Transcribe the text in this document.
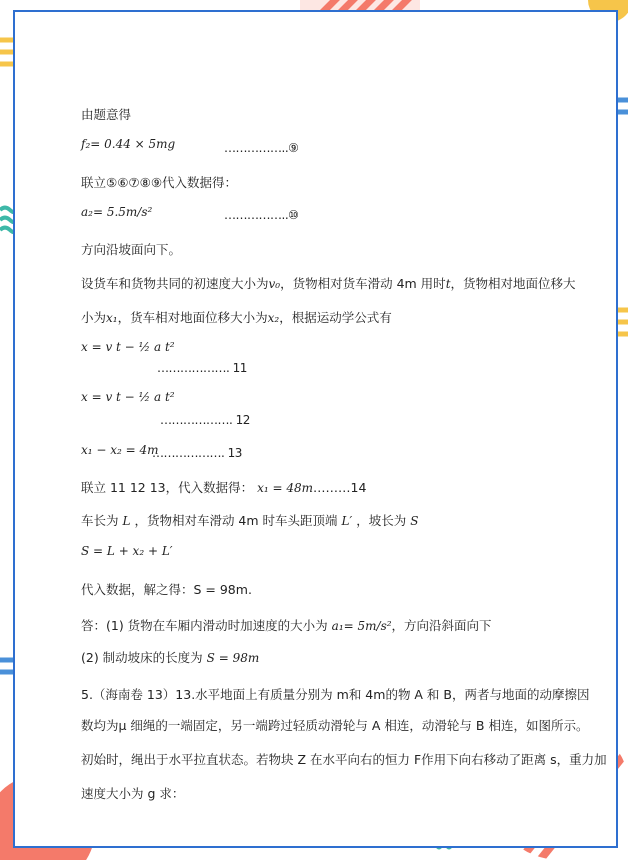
由题意得
f₂= 0.44 × 5mg	……………..⑨
联立⑤⑥⑦⑧⑨代入数据得：
a₂= 5.5m/s²	……………..⑩
方向沿坡面向下。
设货车和货物共同的初速度大小为v₀，货物相对货车滑动 4m 用时t，货物相对地面位移大
小为x₁，货车相对地面位移大小为x₂，根据运动学公式有
x = v t − ½ a t²
………………. 11
x = v t − ½ a t²
………………. 12
x₁ − x₂ = 4m
………………. 13
联立 11 12 13，代入数据得： x₁ = 48m………14
车长为 L ，货物相对车滑动 4m 时车头距顶端 L′ ，坡长为 S
S = L + x₂ + L′
代入数据，解之得：S = 98m.
答：(1) 货物在车厢内滑动时加速度的大小为 a₁= 5m/s²，方向沿斜面向下
(2) 制动坡床的长度为 S = 98m
5.（海南卷 13）13.水平地面上有质量分别为 m和 4m的物 A 和 B，两者与地面的动摩擦因
数均为μ 细绳的一端固定，另一端跨过轻质动滑轮与 A 相连，动滑轮与 B 相连，如图所示。
初始时，绳出于水平拉直状态。若物块 Z 在水平向右的恒力 F作用下向右移动了距离 s，重力加
速度大小为 g 求：
